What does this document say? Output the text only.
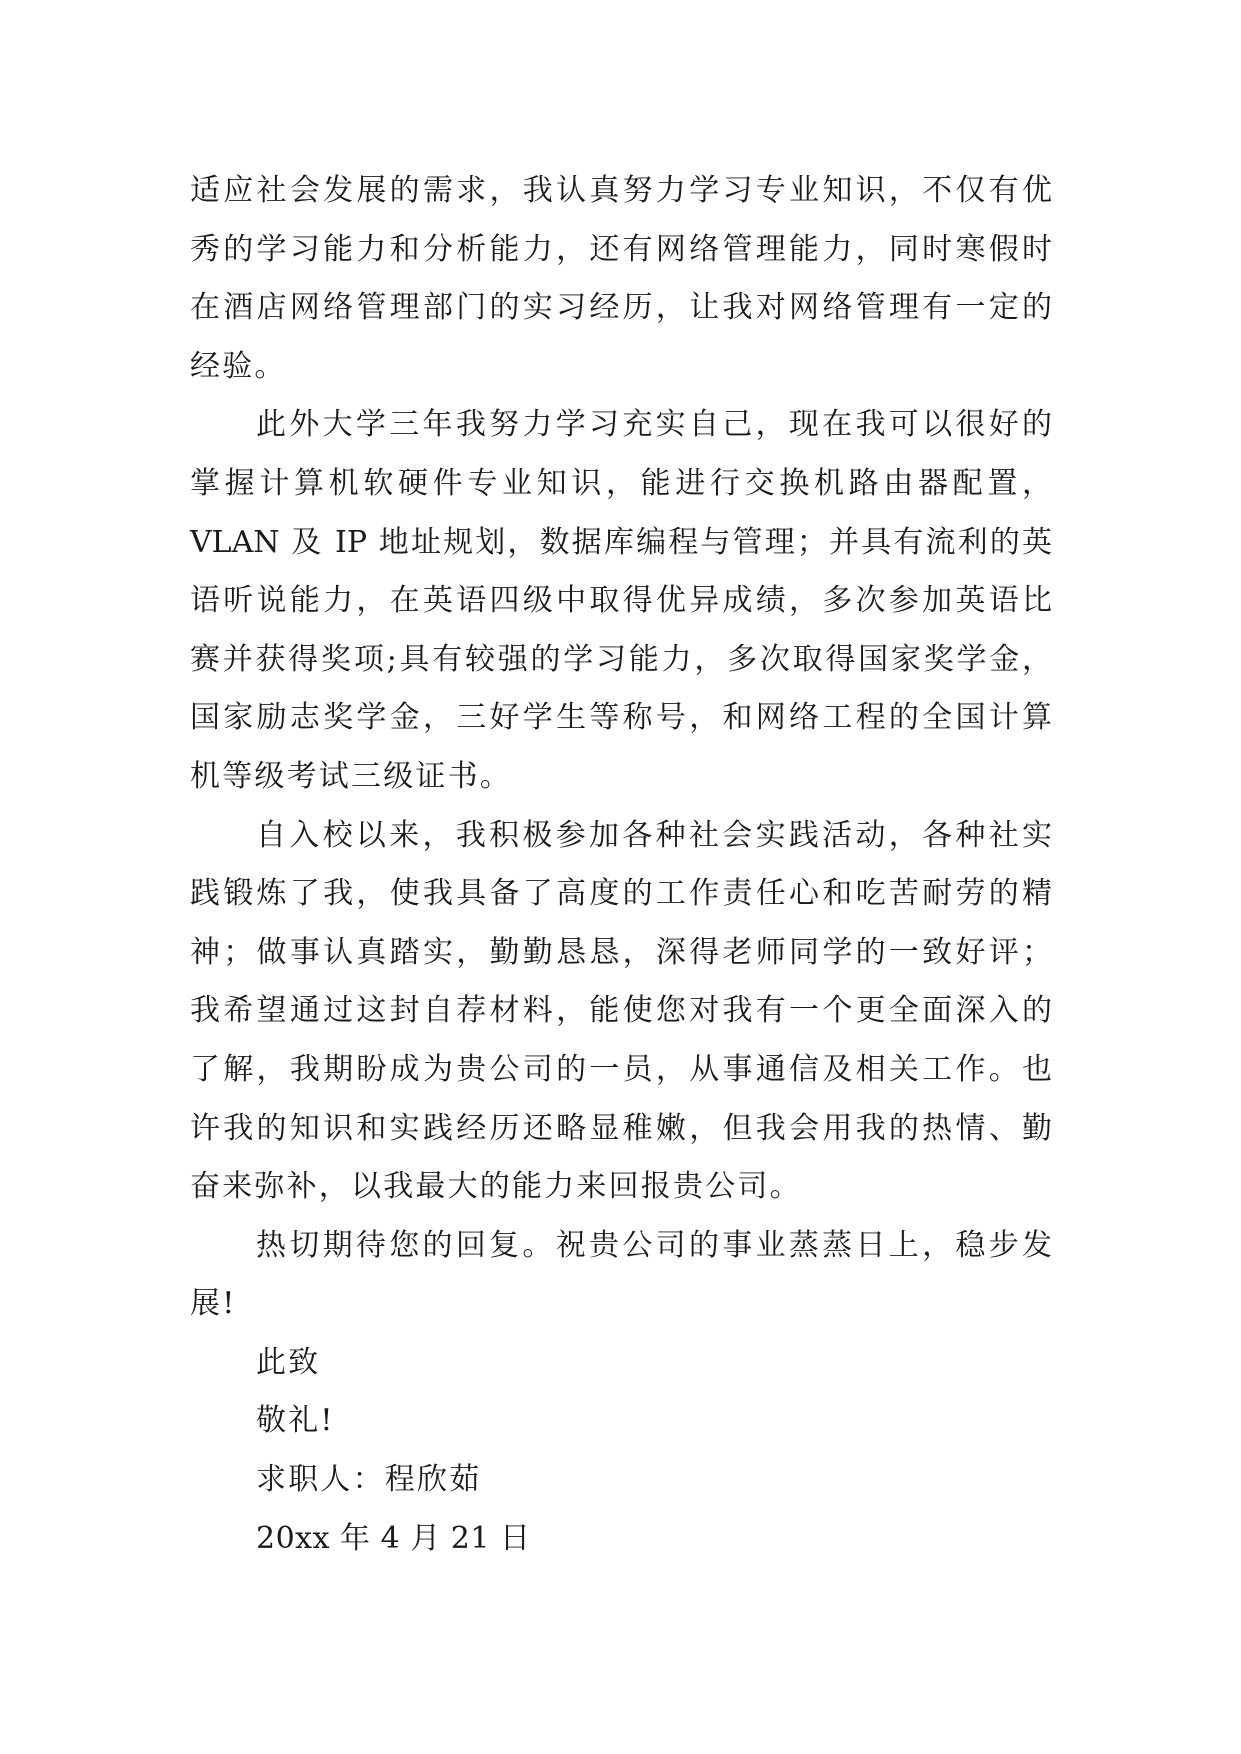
适应社会发展的需求，我认真努力学习专业知识，不仅有优
秀的学习能力和分析能力，还有网络管理能力，同时寒假时
在酒店网络管理部门的实习经历，让我对网络管理有一定的
经验。
此外大学三年我努力学习充实自己，现在我可以很好的
掌握计算机软硬件专业知识，能进行交换机路由器配置，
VLAN 及 IP 地址规划，数据库编程与管理；并具有流利的英
语听说能力，在英语四级中取得优异成绩，多次参加英语比
赛并获得奖项;具有较强的学习能力，多次取得国家奖学金，
国家励志奖学金，三好学生等称号，和网络工程的全国计算
机等级考试三级证书。
自入校以来，我积极参加各种社会实践活动，各种社实
践锻炼了我，使我具备了高度的工作责任心和吃苦耐劳的精
神；做事认真踏实，勤勤恳恳，深得老师同学的一致好评；
我希望通过这封自荐材料，能使您对我有一个更全面深入的
了解，我期盼成为贵公司的一员，从事通信及相关工作。也
许我的知识和实践经历还略显稚嫩，但我会用我的热情、勤
奋来弥补，以我最大的能力来回报贵公司。
热切期待您的回复。祝贵公司的事业蒸蒸日上，稳步发
展!
此致
敬礼!
求职人：程欣茹
20xx 年 4 月 21 日
